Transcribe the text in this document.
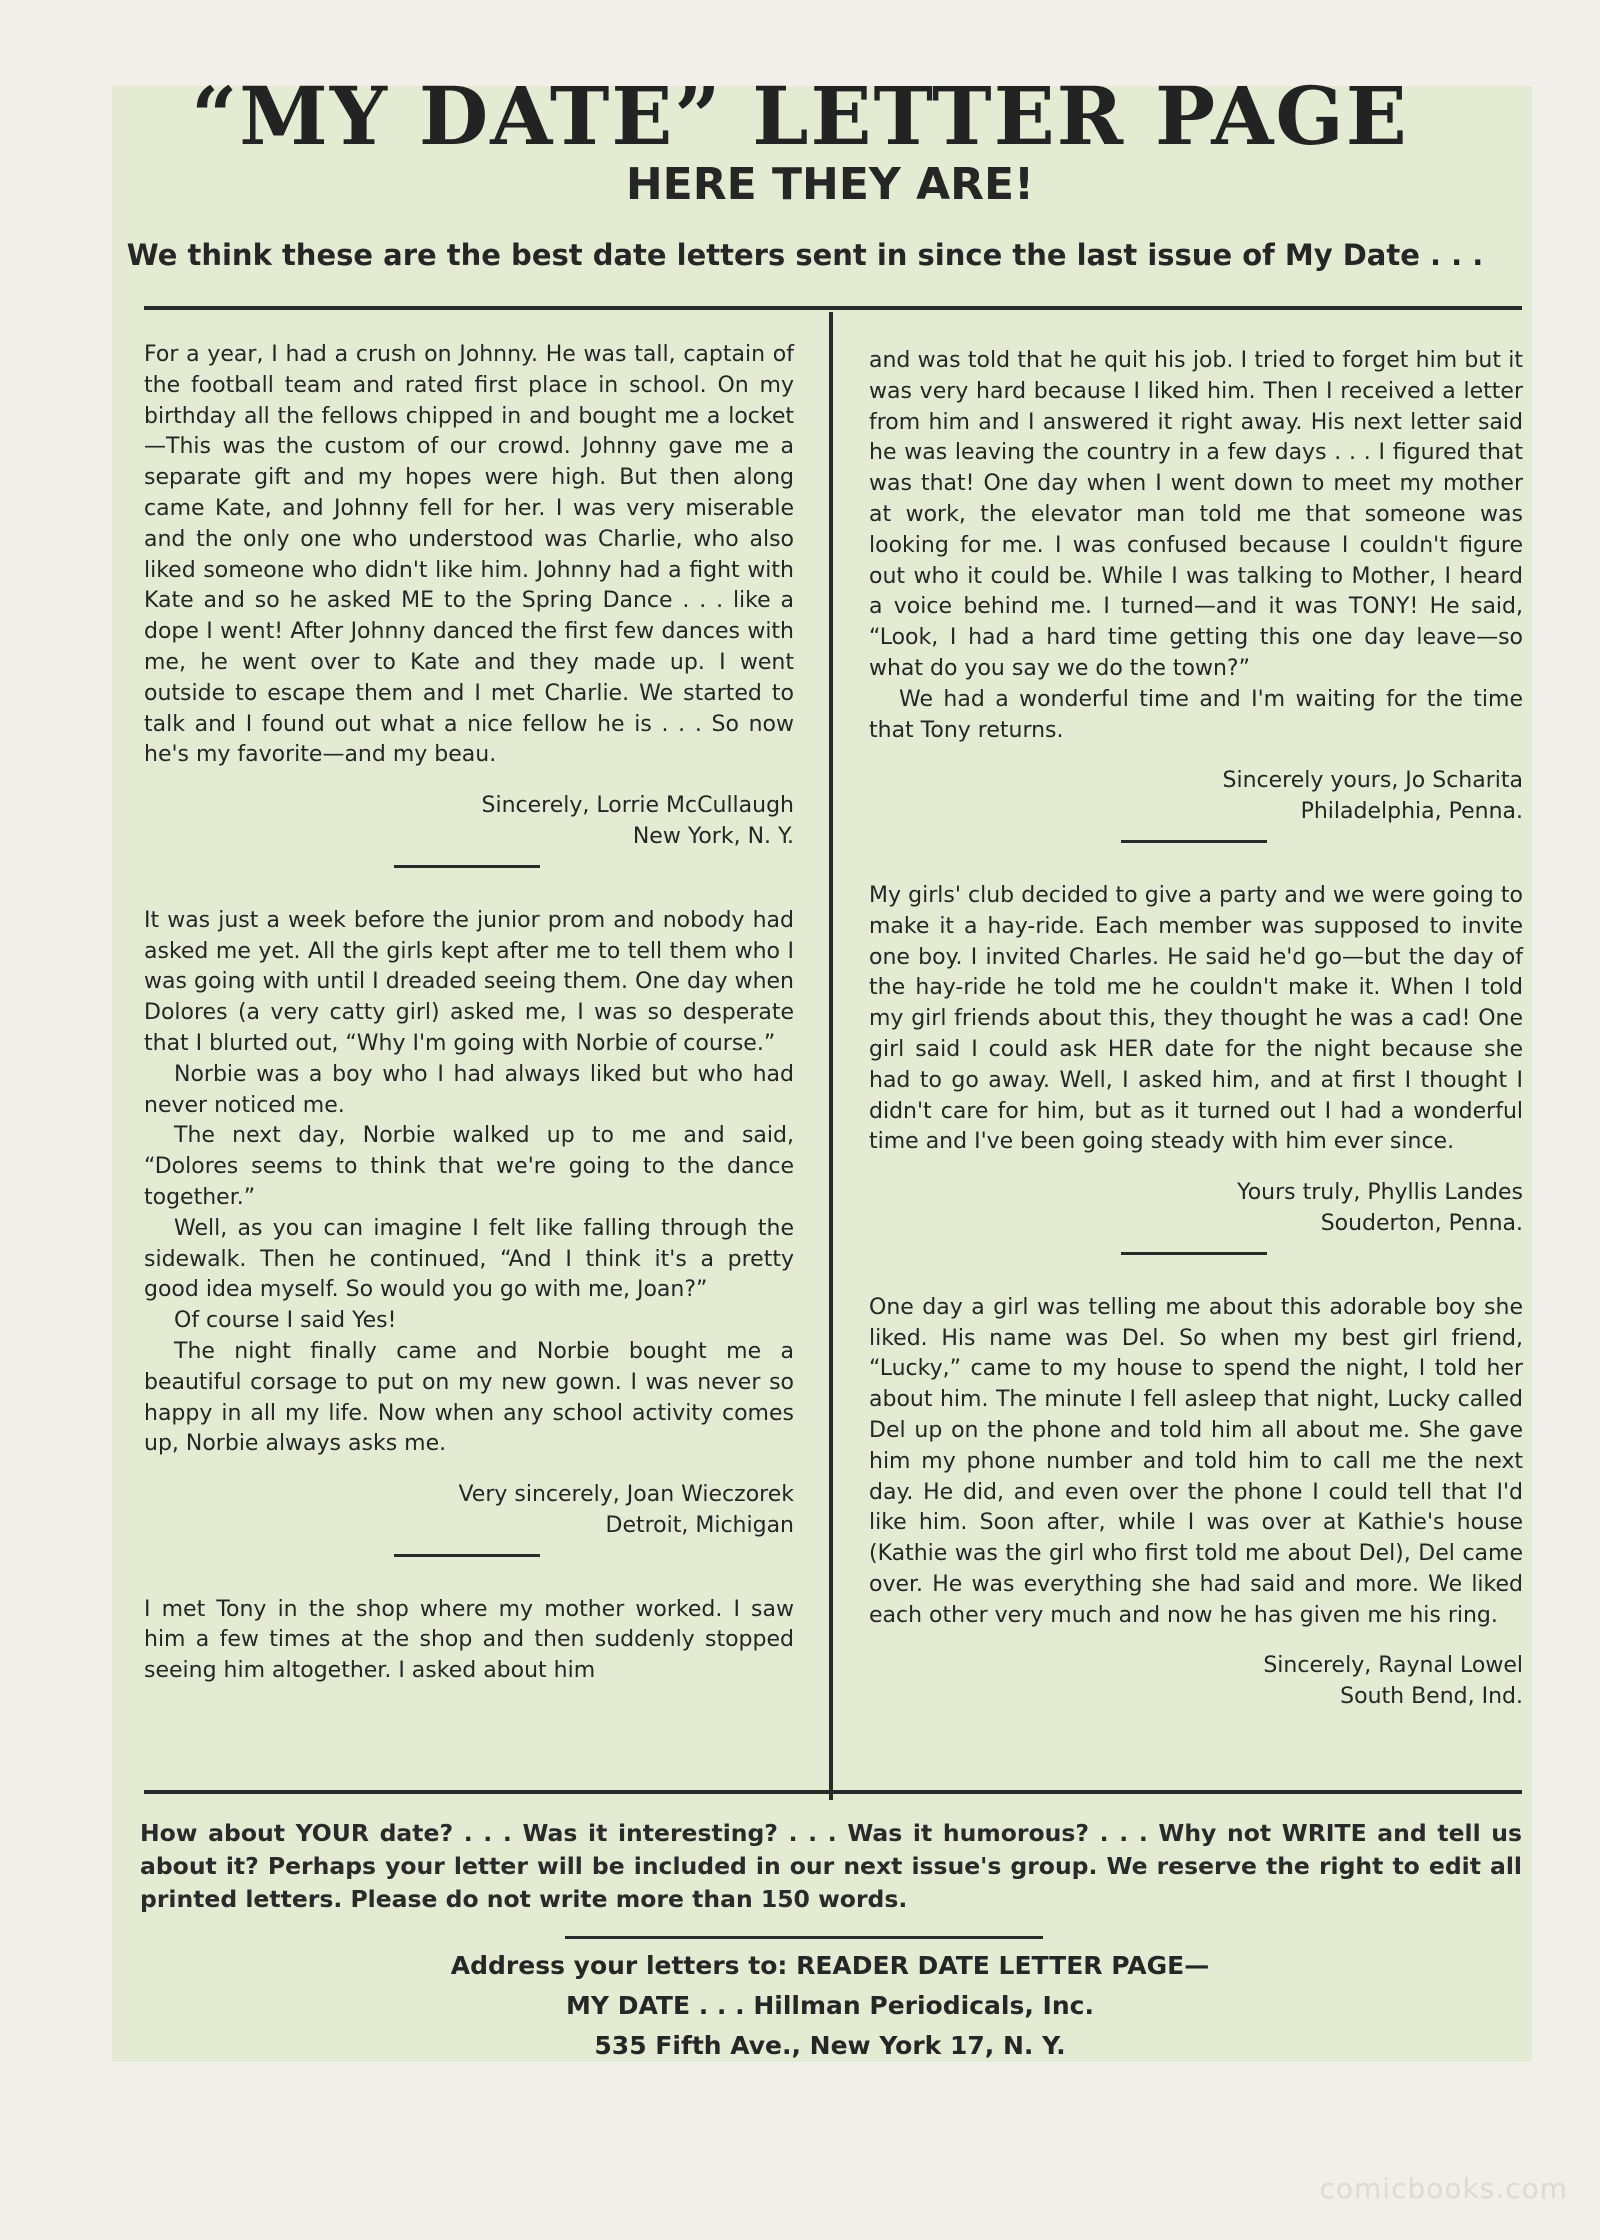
“MY DATE” LETTER PAGE
HERE THEY ARE!
We think these are the best date letters sent in since the last issue of My Date . . .

For a year, I had a crush on Johnny. He was tall, captain of the football team and rated first place in school. On my birthday all the fellows chipped in and bought me a locket—This was the custom of our crowd. Johnny gave me a separate gift and my hopes were high. But then along came Kate, and Johnny fell for her. I was very miserable and the only one who understood was Charlie, who also liked someone who didn't like him. Johnny had a fight with Kate and so he asked ME to the Spring Dance . . . like a dope I went! After Johnny danced the first few dances with me, he went over to Kate and they made up. I went outside to escape them and I met Charlie. We started to talk and I found out what a nice fellow he is . . . So now he's my favorite—and my beau.

Sincerely, Lorrie McCullaugh
New York, N. Y.

It was just a week before the junior prom and nobody had asked me yet. All the girls kept after me to tell them who I was going with until I dreaded seeing them. One day when Dolores (a very catty girl) asked me, I was so desperate that I blurted out, “Why I'm going with Norbie of course.”

Norbie was a boy who I had always liked but who had never noticed me.

The next day, Norbie walked up to me and said, “Dolores seems to think that we're going to the dance together.”

Well, as you can imagine I felt like falling through the sidewalk. Then he continued, “And I think it's a pretty good idea myself. So would you go with me, Joan?”

Of course I said Yes!

The night finally came and Norbie bought me a beautiful corsage to put on my new gown. I was never so happy in all my life. Now when any school activity comes up, Norbie always asks me.

Very sincerely, Joan Wieczorek
Detroit, Michigan

I met Tony in the shop where my mother worked. I saw him a few times at the shop and then suddenly stopped seeing him altogether. I asked about him

and was told that he quit his job. I tried to forget him but it was very hard because I liked him. Then I received a letter from him and I answered it right away. His next letter said he was leaving the country in a few days . . . I figured that was that! One day when I went down to meet my mother at work, the elevator man told me that someone was looking for me. I was confused because I couldn't figure out who it could be. While I was talking to Mother, I heard a voice behind me. I turned—and it was TONY! He said, “Look, I had a hard time getting this one day leave—so what do you say we do the town?”

We had a wonderful time and I'm waiting for the time that Tony returns.

Sincerely yours, Jo Scharita
Philadelphia, Penna.

My girls' club decided to give a party and we were going to make it a hay-ride. Each member was supposed to invite one boy. I invited Charles. He said he'd go—but the day of the hay-ride he told me he couldn't make it. When I told my girl friends about this, they thought he was a cad! One girl said I could ask HER date for the night because she had to go away. Well, I asked him, and at first I thought I didn't care for him, but as it turned out I had a wonderful time and I've been going steady with him ever since.

Yours truly, Phyllis Landes
Souderton, Penna.

One day a girl was telling me about this adorable boy she liked. His name was Del. So when my best girl friend, “Lucky,” came to my house to spend the night, I told her about him. The minute I fell asleep that night, Lucky called Del up on the phone and told him all about me. She gave him my phone number and told him to call me the next day. He did, and even over the phone I could tell that I'd like him. Soon after, while I was over at Kathie's house (Kathie was the girl who first told me about Del), Del came over. He was everything she had said and more. We liked each other very much and now he has given me his ring.

Sincerely, Raynal Lowel
South Bend, Ind.
How about YOUR date? . . . Was it interesting? . . . Was it humorous? . . . Why not WRITE and tell us about it? Perhaps your letter will be included in our next issue's group. We reserve the right to edit all printed letters. Please do not write more than 150 words.
Address your letters to: READER DATE LETTER PAGE—
MY DATE . . . Hillman Periodicals, Inc.
535 Fifth Ave., New York 17, N. Y.
comicbooks.com
